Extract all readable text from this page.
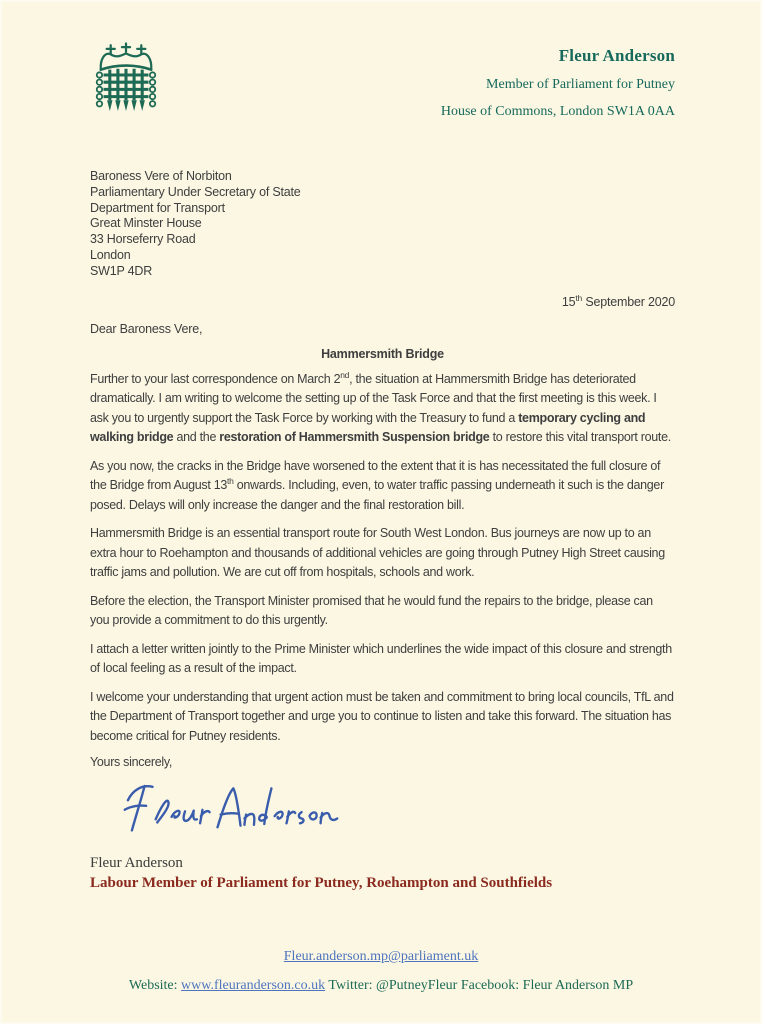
Fleur Anderson
Member of Parliament for Putney
House of Commons, London SW1A 0AA
Baroness Vere of Norbiton
Parliamentary Under Secretary of State
Department for Transport
Great Minster House
33 Horseferry Road
London
SW1P 4DR
15th September 2020
Dear Baroness Vere,
Hammersmith Bridge

Further to your last correspondence on March 2nd, the situation at Hammersmith Bridge has deteriorated dramatically. I am writing to welcome the setting up of the Task Force and that the first meeting is this week. I ask you to urgently support the Task Force by working with the Treasury to fund a temporary cycling and walking bridge and the restoration of Hammersmith Suspension bridge to restore this vital transport route.

As you now, the cracks in the Bridge have worsened to the extent that it is has necessitated the full closure of the Bridge from August 13th onwards. Including, even, to water traffic passing underneath it such is the danger posed. Delays will only increase the danger and the final restoration bill.

Hammersmith Bridge is an essential transport route for South West London. Bus journeys are now up to an extra hour to Roehampton and thousands of additional vehicles are going through Putney High Street causing traffic jams and pollution. We are cut off from hospitals, schools and work.

Before the election, the Transport Minister promised that he would fund the repairs to the bridge, please can you provide a commitment to do this urgently.

I attach a letter written jointly to the Prime Minister which underlines the wide impact of this closure and strength of local feeling as a result of the impact.

I welcome your understanding that urgent action must be taken and commitment to bring local councils, TfL and the Department of Transport together and urge you to continue to listen and take this forward. The situation has become critical for Putney residents.

Yours sincerely,
Fleur Anderson
Labour Member of Parliament for Putney, Roehampton and Southfields
Fleur.anderson.mp@parliament.uk
Website: www.fleuranderson.co.uk Twitter: @PutneyFleur Facebook: Fleur Anderson MP
